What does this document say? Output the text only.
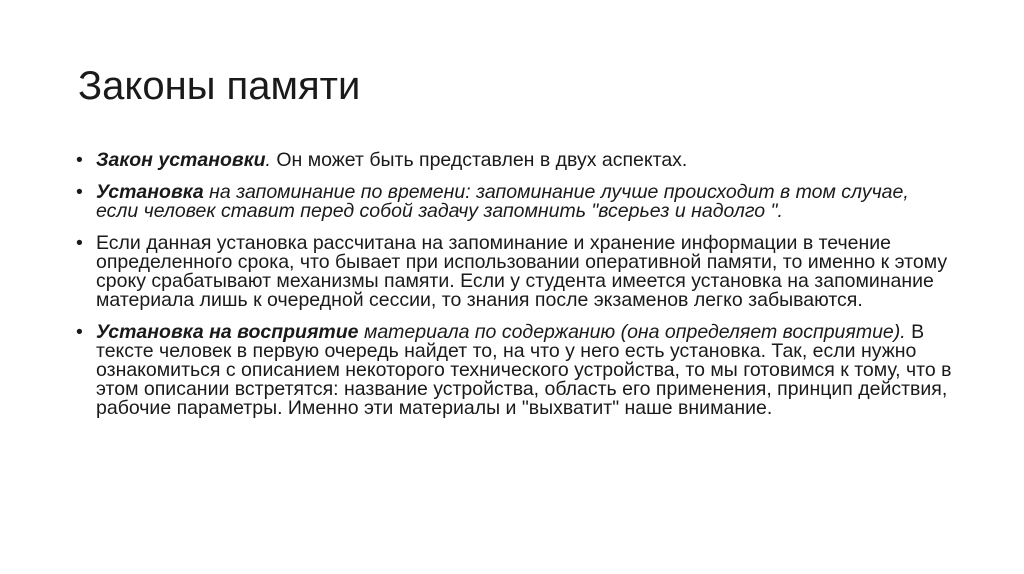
Законы памяти
• Закон установки. Он может быть представлен в двух аспектах.
• Установка на запоминание по времени: запоминание лучше происходит в том случае, если человек ставит перед собой задачу запомнить "всерьез и надолго ".
• Если данная установка рассчитана на запоминание и хранение информации в течение определенного срока, что бывает при использовании оперативной памяти, то именно к этому сроку срабатывают механизмы памяти. Если у студента имеется установка на запоминание материала лишь к очередной сессии, то знания после экзаменов легко забываются.
• Установка на восприятие материала по содержанию (она определяет восприятие). В тексте человек в первую очередь найдет то, на что у него есть установка. Так, если нужно ознакомиться с описанием некоторого технического устройства, то мы готовимся к тому, что в этом описании встретятся: название устройства, область его применения, принцип действия, рабочие параметры. Именно эти материалы и "выхватит" наше внимание.
